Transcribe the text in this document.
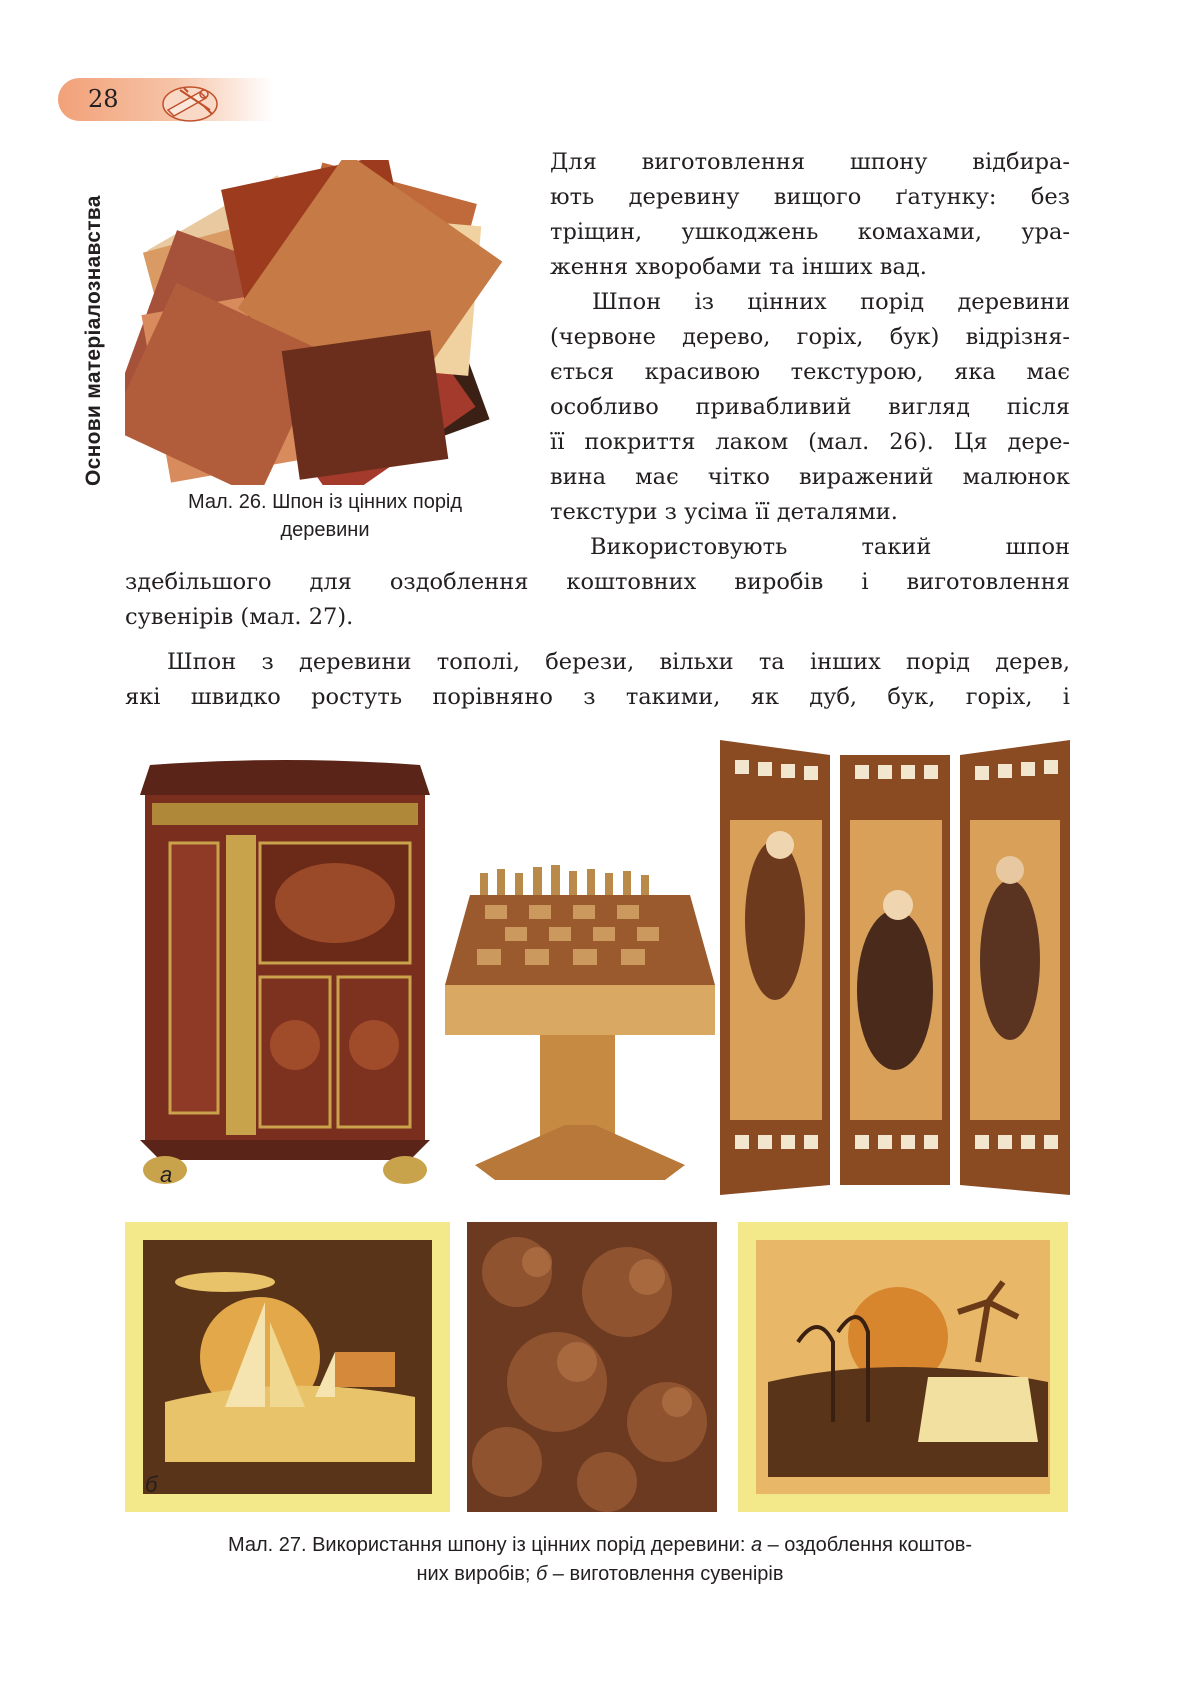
28
Основи матеріалознавства
Мал. 26. Шпон із цінних порід
деревини
Для виготовлення шпону відбира-
ють деревину вищого ґатунку: без
тріщин, ушкоджень комахами, ура-
ження хворобами та інших вад.
Шпон із цінних порід деревини
(червоне дерево, горіх, бук) відрізня-
ється красивою текстурою, яка має
особливо привабливий вигляд після
її покриття лаком (мал. 26). Ця дере-
вина має чітко виражений малюнок
текстури з усіма її деталями.
Використовують такий шпон
здебільшого для оздоблення коштовних виробів і виготовлення
сувенірів (мал. 27).
Шпон з деревини тополі, берези, вільхи та інших порід дерев,
які швидко ростуть порівняно з такими, як дуб, бук, горіх, і
а
б
Мал. 27. Використання шпону із цінних порід деревини: а – оздоблення коштов-
них виробів; б – виготовлення сувенірів
